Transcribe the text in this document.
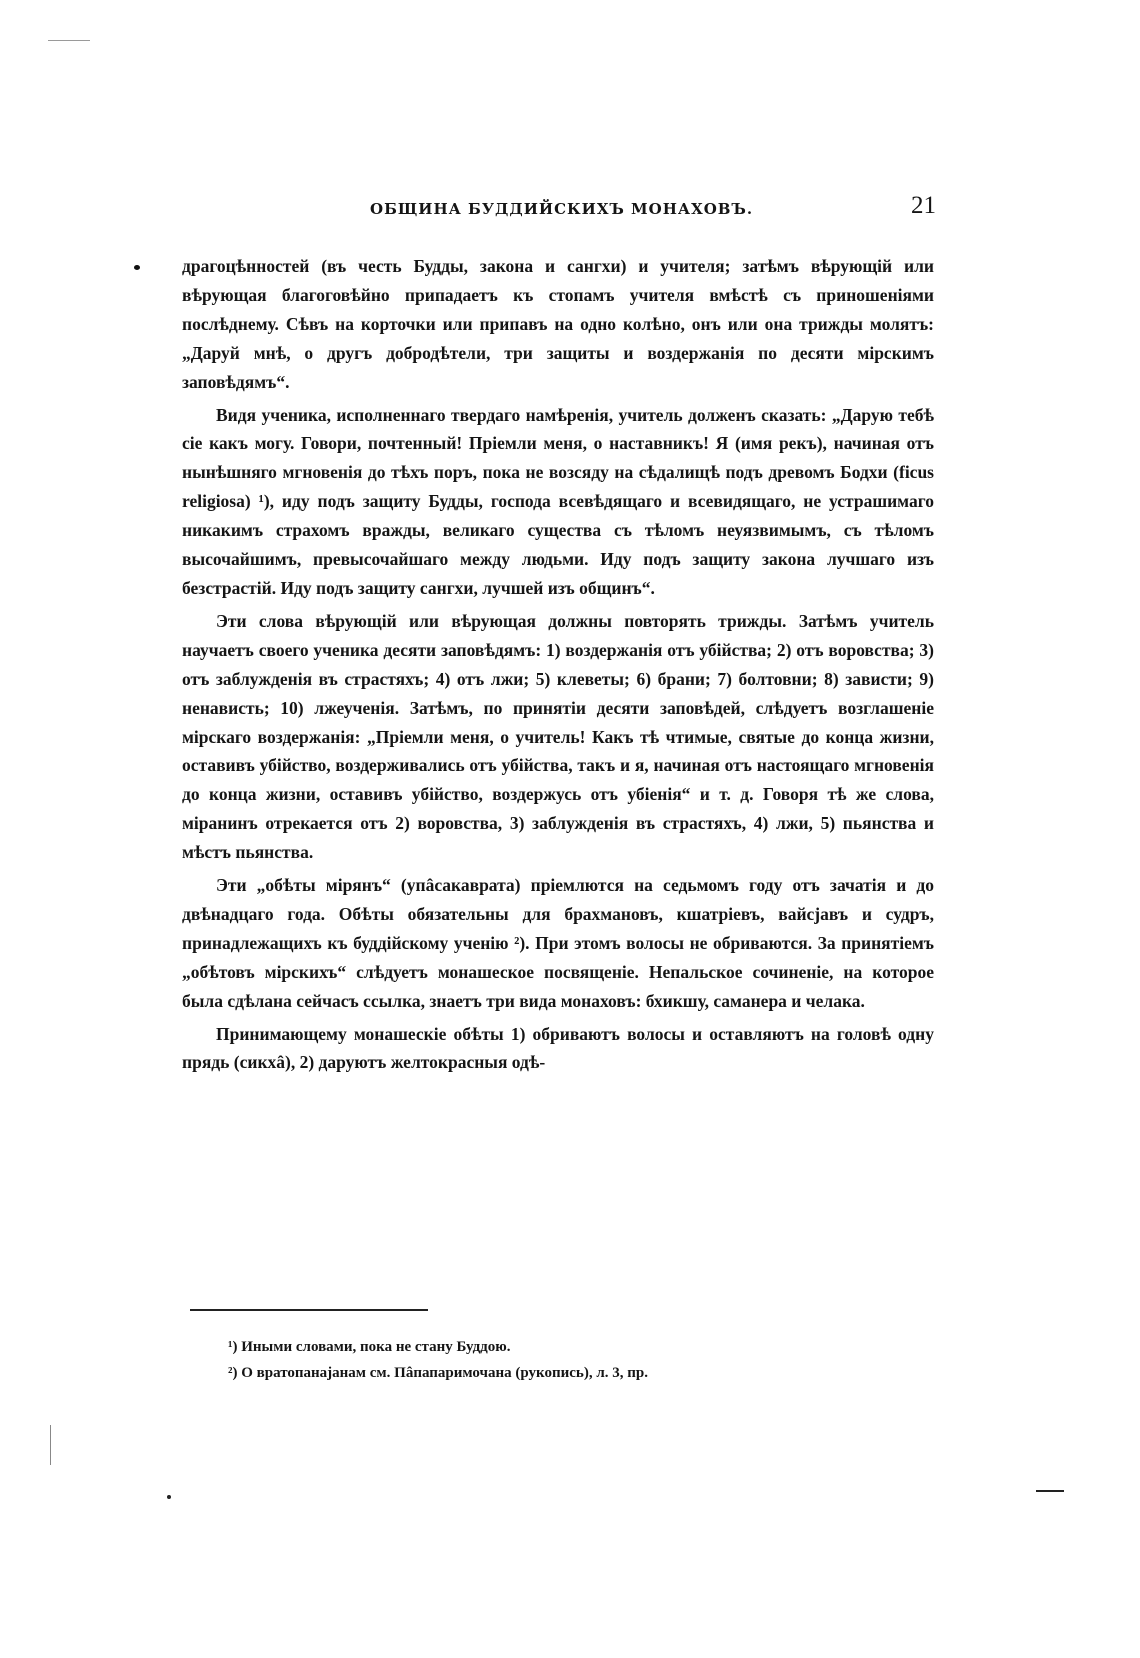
ОБЩИНА БУДДИЙСКИХЪ МОНАХОВЪ.	21

драгоцѣнностей (въ честь Будды, закона и сангхи) и учителя; затѣмъ вѣрующій или вѣрующая благоговѣйно припадаетъ къ стопамъ учителя вмѣстѣ съ приношеніями послѣднему. Сѣвъ на корточки или припавъ на одно колѣно, онъ или она трижды молятъ: „Даруй мнѣ, о другъ добродѣтели, три защиты и воздержанія по десяти мірскимъ заповѣдямъ“.

Видя ученика, исполненнаго твердаго намѣренія, учитель долженъ сказать: „Дарую тебѣ сіе какъ могу. Говори, почтенный! Пріемли меня, о наставникъ! Я (имя рекъ), начиная отъ нынѣшняго мгновенія до тѣхъ поръ, пока не возсяду на сѣдалищѣ подъ древомъ Бодхи (ficus religiosa) ¹), иду подъ защиту Будды, господа всевѣдящаго и всевидящаго, не устрашимаго никакимъ страхомъ вражды, великаго существа съ тѣломъ неуязвимымъ, съ тѣломъ высочайшимъ, превысочайшаго между людьми. Иду подъ защиту закона лучшаго изъ безстрастій. Иду подъ защиту сангхи, лучшей изъ общинъ“.

Эти слова вѣрующій или вѣрующая должны повторять трижды. Затѣмъ учитель научаетъ своего ученика десяти заповѣдямъ: 1) воздержанія отъ убійства; 2) отъ воровства; 3) отъ заблужденія въ страстяхъ; 4) отъ лжи; 5) клеветы; 6) брани; 7) болтовни; 8) зависти; 9) ненависть; 10) лжеученія. Затѣмъ, по принятіи десяти заповѣдей, слѣдуетъ возглашеніе мірскаго воздержанія: „Пріемли меня, о учитель! Какъ тѣ чтимые, святые до конца жизни, оставивъ убійство, воздерживались отъ убійства, такъ и я, начиная отъ настоящаго мгновенія до конца жизни, оставивъ убійство, воздержусь отъ убіенія“ и т. д. Говоря тѣ же слова, міранинъ отрекается отъ 2) воровства, 3) заблужденія въ страстяхъ, 4) лжи, 5) пьянства и мѣстъ пьянства.

Эти „обѣты мірянъ“ (упâсакаврата) пріемлются на седьмомъ году отъ зачатія и до двѣнадцаго года. Обѣты обязательны для брахмановъ, кшатріевъ, вайсjавъ и судръ, принадлежащихъ къ буддійскому ученію ²). При этомъ волосы не обриваются. За принятіемъ „обѣтовъ мірскихъ“ слѣдуетъ монашеское посвященіе. Непальское сочиненіе, на которое была сдѣлана сейчасъ ссылка, знаетъ три вида монаховъ: бхикшу, саманера и челака.

Принимающему монашескіе обѣты 1) обриваютъ волосы и оставляютъ на головѣ одну прядь (сикхâ), 2) даруютъ желтокрасныя одѣ-

¹) Иными словами, пока не стану Буддою.
²) О вратопанаjанам см. Пâпапаримочана (рукопись), л. 3, пр.
